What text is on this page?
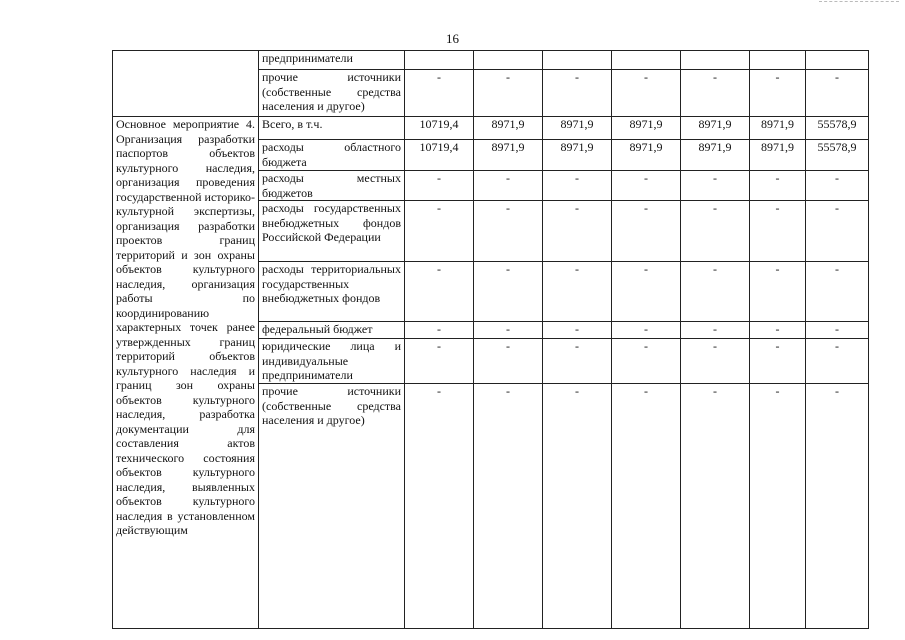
16
	предприниматели							
	прочие источники (собственные средства населения и другое)	-	-	-	-	-	-	-

Основное мероприятие 4. Организация разработки паспортов объектов культурного наследия, организация проведения государственной историко-культурной экспертизы, организация разработки проектов границ территорий и зон охраны объектов культурного наследия, организация работы по координированию характерных точек ранее утвержденных границ территорий объектов культурного наследия и границ зон охраны объектов культурного наследия, разработка документации для составления актов технического состояния объектов культурного наследия, выявленных объектов культурного наследия в установленном действующим	Всего, в т.ч.	10719,4	8971,9	8971,9	8971,9	8971,9	8971,9	55578,9
	расходы областного бюджета	10719,4	8971,9	8971,9	8971,9	8971,9	8971,9	55578,9
	расходы местных бюджетов	-	-	-	-	-	-	-
	расходы государственных внебюджетных фондов Российской Федерации	-	-	-	-	-	-	-
	расходы территориальных государственных внебюджетных фондов	-	-	-	-	-	-	-
	федеральный бюджет	-	-	-	-	-	-	-
	юридические лица и индивидуальные предприниматели	-	-	-	-	-	-	-
	прочие источники (собственные средства населения и другое)	-	-	-	-	-	-	-
